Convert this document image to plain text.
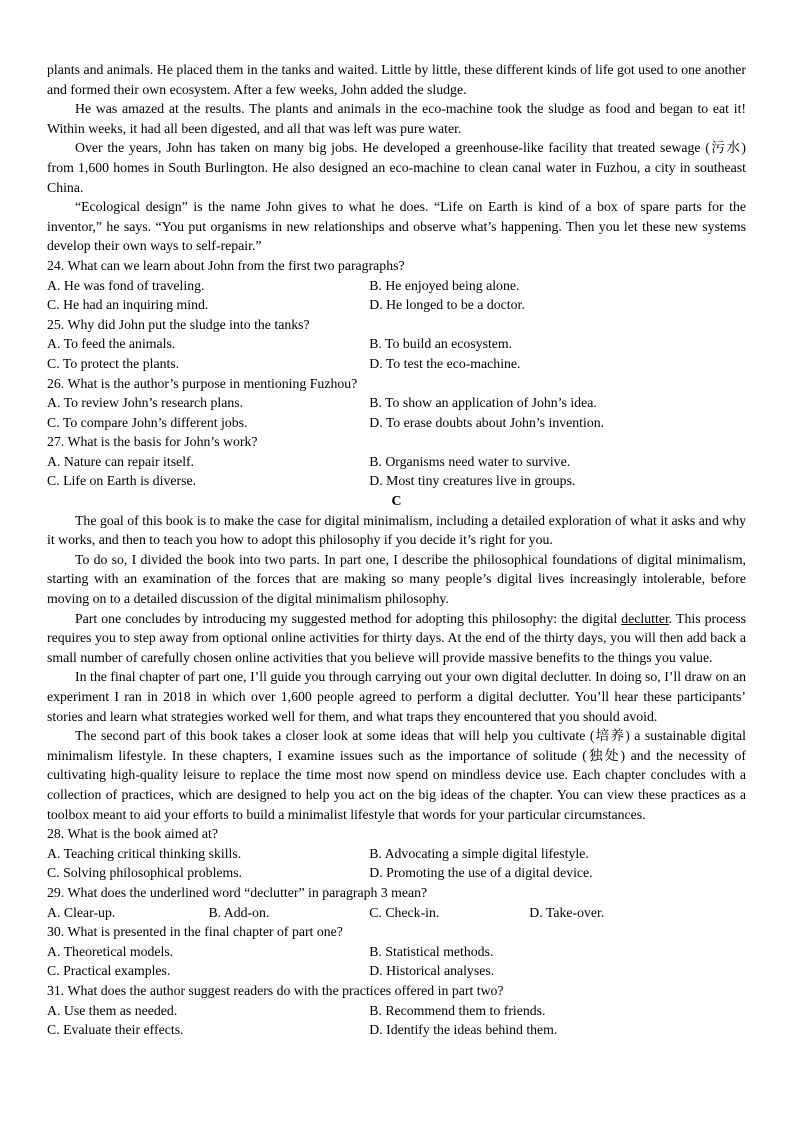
plants and animals. He placed them in the tanks and waited. Little by little, these different kinds of life got used to one another and formed their own ecosystem. After a few weeks, John added the sludge.

He was amazed at the results. The plants and animals in the eco-machine took the sludge as food and began to eat it! Within weeks, it had all been digested, and all that was left was pure water.

Over the years, John has taken on many big jobs. He developed a greenhouse-like facility that treated sewage (污水) from 1,600 homes in South Burlington. He also designed an eco-machine to clean canal water in Fuzhou, a city in southeast China.

“Ecological design” is the name John gives to what he does. “Life on Earth is kind of a box of spare parts for the inventor,” he says. “You put organisms in new relationships and observe what’s happening. Then you let these new systems develop their own ways to self-repair.”

24. What can we learn about John from the first two paragraphs?
A. He was fond of traveling.	B. He enjoyed being alone.
C. He had an inquiring mind.	D. He longed to be a doctor.
25. Why did John put the sludge into the tanks?
A. To feed the animals.	B. To build an ecosystem.
C. To protect the plants.	D. To test the eco-machine.
26. What is the author’s purpose in mentioning Fuzhou?
A. To review John’s research plans.	B. To show an application of John’s idea.
C. To compare John’s different jobs.	D. To erase doubts about John’s invention.
27. What is the basis for John’s work?
A. Nature can repair itself.	B. Organisms need water to survive.
C. Life on Earth is diverse.	D. Most tiny creatures live in groups.
C

The goal of this book is to make the case for digital minimalism, including a detailed exploration of what it asks and why it works, and then to teach you how to adopt this philosophy if you decide it’s right for you.

To do so, I divided the book into two parts. In part one, I describe the philosophical foundations of digital minimalism, starting with an examination of the forces that are making so many people’s digital lives increasingly intolerable, before moving on to a detailed discussion of the digital minimalism philosophy.

Part one concludes by introducing my suggested method for adopting this philosophy: the digital declutter. This process requires you to step away from optional online activities for thirty days. At the end of the thirty days, you will then add back a small number of carefully chosen online activities that you believe will provide massive benefits to the things you value.

In the final chapter of part one, I’ll guide you through carrying out your own digital declutter. In doing so, I’ll draw on an experiment I ran in 2018 in which over 1,600 people agreed to perform a digital declutter. You’ll hear these participants’ stories and learn what strategies worked well for them, and what traps they encountered that you should avoid.

The second part of this book takes a closer look at some ideas that will help you cultivate (培养) a sustainable digital minimalism lifestyle. In these chapters, I examine issues such as the importance of solitude (独处) and the necessity of cultivating high-quality leisure to replace the time most now spend on mindless device use. Each chapter concludes with a collection of practices, which are designed to help you act on the big ideas of the chapter. You can view these practices as a toolbox meant to aid your efforts to build a minimalist lifestyle that words for your particular circumstances.

28. What is the book aimed at?
A. Teaching critical thinking skills.	B. Advocating a simple digital lifestyle.
C. Solving philosophical problems.	D. Promoting the use of a digital device.
29. What does the underlined word “declutter” in paragraph 3 mean?
A. Clear-up.	B. Add-on.	C. Check-in.	D. Take-over.
30. What is presented in the final chapter of part one?
A. Theoretical models.	B. Statistical methods.
C. Practical examples.	D. Historical analyses.
31. What does the author suggest readers do with the practices offered in part two?
A. Use them as needed.	B. Recommend them to friends.
C. Evaluate their effects.	D. Identify the ideas behind them.
